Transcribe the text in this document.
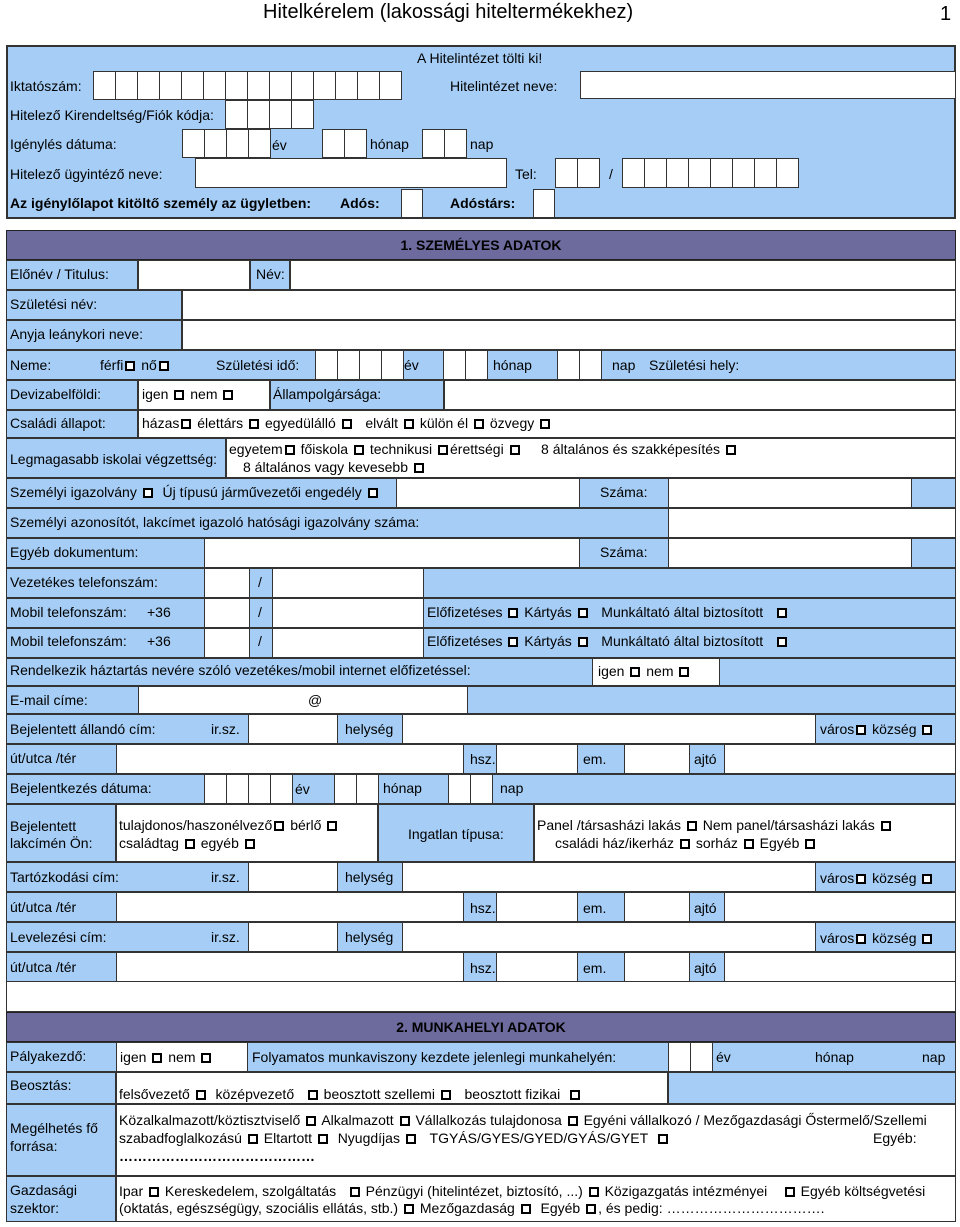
Hitelkérelem (lakossági hiteltermékekhez)	1
A Hitelintézet tölti ki!
Iktatószám:	Hitelintézet neve:
Hitelező Kirendeltség/Fiók kódja:
Igénylés dátuma:	év	hónap	nap
Hitelező ügyintéző neve:	Tel:	/
Az igénylőlapot kitöltő személy az ügyletben: Adós:	Adóstárs:
1. SZEMÉLYES ADATOK
Előnév / Titulus:	Név:
Születési név:
Anyja leánykori neve:
Neme:	férfi nő	Születési idő:	év	hónap	nap Születési hely:
Devizabelföldi:	igen nem	Állampolgársága:
Családi állapot:	házas élettárs egyedülálló elvált külön él özvegy
Legmagasabb iskolai végzettség:
egyetem főiskola technikusi érettségi	8 általános és szakképesítés
8 általános vagy kevesebb
Személyi igazolvány Új típusú járművezetői engedély	Száma:
Személyi azonosítót, lakcímet igazoló hatósági igazolvány száma:
Egyéb dokumentum:	Száma:
Vezetékes telefonszám:	/
Mobil telefonszám: +36	/	Előfizetéses Kártyás Munkáltató által biztosított
Mobil telefonszám: +36	/	Előfizetéses Kártyás Munkáltató által biztosított
Rendelkezik háztartás nevére szóló vezetékes/mobil internet előfizetéssel:	igen nem
E-mail címe:	@
Bejelentett állandó cím:	ir.sz.	helység	város község
út/utca /tér	hsz.	em.	ajtó
Bejelentkezés dátuma:	év	hónap	nap
Bejelentett
lakcímén Ön:
tulajdonos/haszonélvező bérlő
családtag egyéb
Ingatlan típusa:
Panel /társasházi lakás Nem panel/társasházi lakás
családi ház/ikerház sorház Egyéb
Tartózkodási cím:	ir.sz.	helység	város község
út/utca /tér	hsz.	em.	ajtó
Levelezési cím:	ir.sz.	helység	város község
út/utca /tér	hsz.	em.	ajtó
2. MUNKAHELYI ADATOK
Pályakezdő: igen nem	Folyamatos munkaviszony kezdete jelenlegi munkahelyén:	év	hónap	nap
Beosztás:
felsővezető középvezető beosztott szellemi beosztott fizikai
Megélhetés fő
forrása:
Közalkalmazott/köztisztviselő Alkalmazott Vállalkozás tulajdonosa Egyéni vállalkozó / Mezőgazdasági Őstermelő/Szellemi
szabadfoglalkozású Eltartott Nyugdíjas TGYÁS/GYES/GYED/GYÁS/GYET	Egyéb:
……………………………………
Gazdasági
szektor:
Ipar Kereskedelem, szolgáltatás Pénzügyi (hitelintézet, biztosító, ...) Közigazgatás intézményei Egyéb költségvetési
(oktatás, egészségügy, szociális ellátás, stb.) Mezőgazdaság Egyéb , és pedig: …………………………….
